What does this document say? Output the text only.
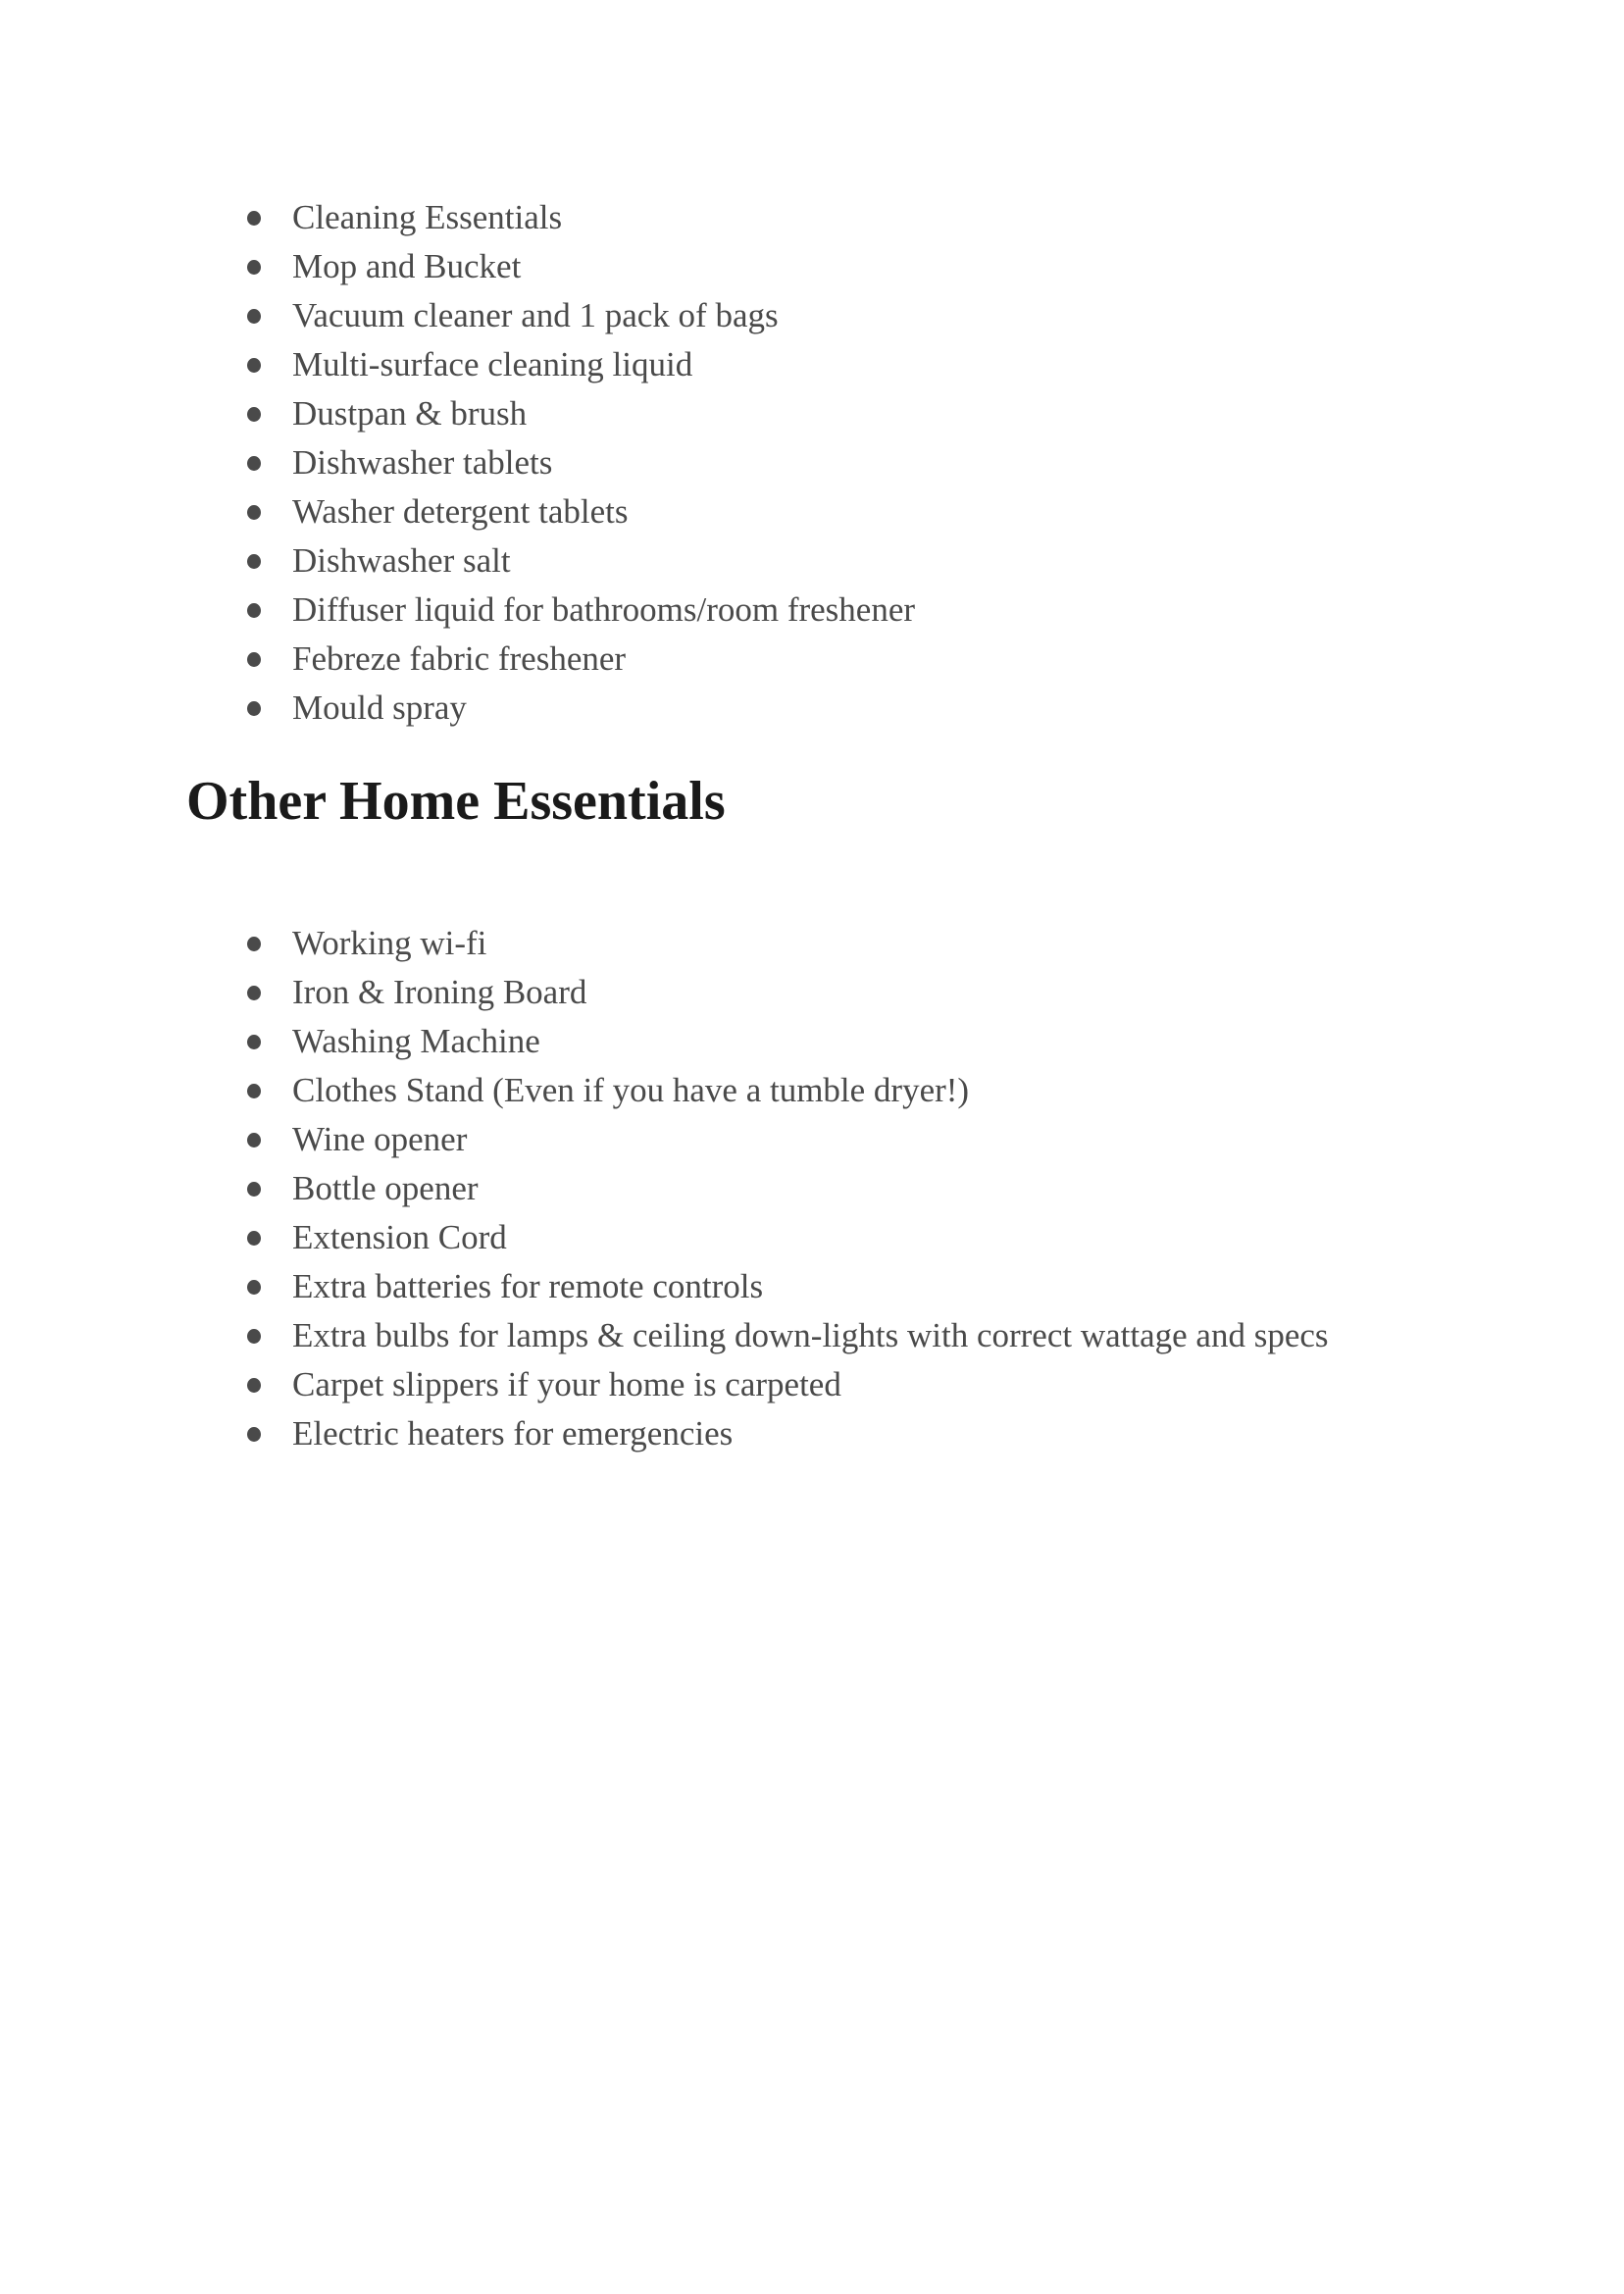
Cleaning Essentials
Mop and Bucket
Vacuum cleaner and 1 pack of bags
Multi-surface cleaning liquid
Dustpan & brush
Dishwasher tablets
Washer detergent tablets
Dishwasher salt
Diffuser liquid for bathrooms/room freshener
Febreze fabric freshener
Mould spray
Other Home Essentials
Working wi-fi
Iron & Ironing Board
Washing Machine
Clothes Stand (Even if you have a tumble dryer!)
Wine opener
Bottle opener
Extension Cord
Extra batteries for remote controls
Extra bulbs for lamps & ceiling down-lights with correct wattage and specs
Carpet slippers if your home is carpeted
Electric heaters for emergencies
